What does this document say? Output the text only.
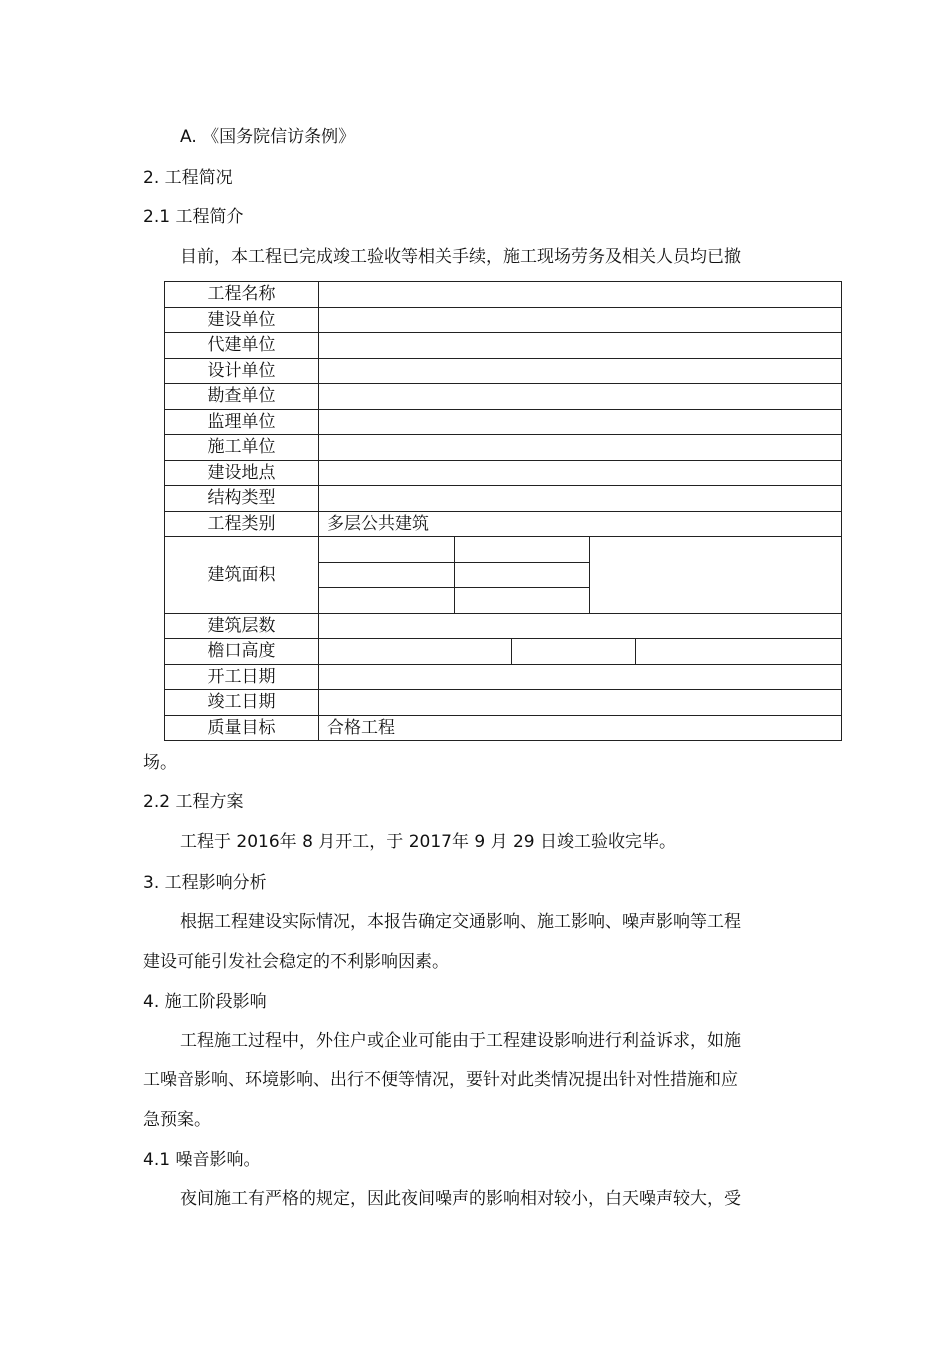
A. 《国务院信访条例》
2. 工程简况
2.1 工程简介
目前，本工程已完成竣工验收等相关手续，施工现场劳务及相关人员均已撤
工程名称	
建设单位	
代建单位	
设计单位	
勘查单位	
监理单位	
施工单位	
建设地点	
结构类型	
工程类别	多层公共建筑
建筑面积	

建筑层数	
檐口高度	

开工日期	
竣工日期	
质量目标	合格工程
场。
2.2 工程方案
工程于 2016年 8 月开工，于 2017年 9 月 29 日竣工验收完毕。
3. 工程影响分析
根据工程建设实际情况，本报告确定交通影响、施工影响、噪声影响等工程
建设可能引发社会稳定的不利影响因素。
4. 施工阶段影响
工程施工过程中，外住户或企业可能由于工程建设影响进行利益诉求，如施
工噪音影响、环境影响、出行不便等情况，要针对此类情况提出针对性措施和应
急预案。
4.1 噪音影响。
夜间施工有严格的规定，因此夜间噪声的影响相对较小，白天噪声较大，受
